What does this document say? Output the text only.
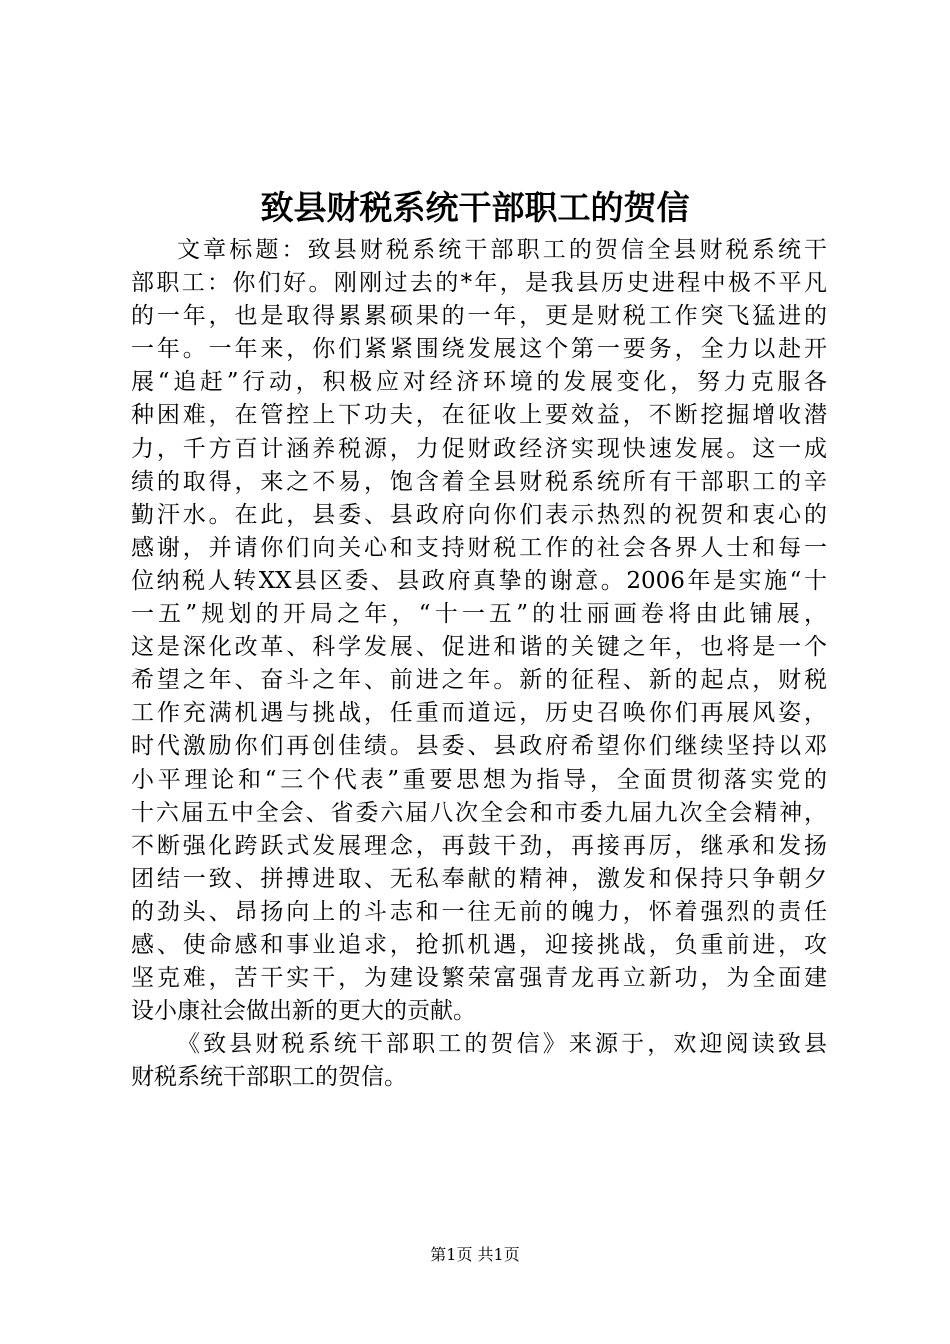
致县财税系统干部职工的贺信
文章标题：致县财税系统干部职工的贺信全县财税系统干
部职工：你们好。刚刚过去的*年，是我县历史进程中极不平凡
的一年，也是取得累累硕果的一年，更是财税工作突飞猛进的
一年。一年来，你们紧紧围绕发展这个第一要务，全力以赴开
展“追赶”行动，积极应对经济环境的发展变化，努力克服各
种困难，在管控上下功夫，在征收上要效益，不断挖掘增收潜
力，千方百计涵养税源，力促财政经济实现快速发展。这一成
绩的取得，来之不易，饱含着全县财税系统所有干部职工的辛
勤汗水。在此，县委、县政府向你们表示热烈的祝贺和衷心的
感谢，并请你们向关心和支持财税工作的社会各界人士和每一
位纳税人转XX县区委、县政府真挚的谢意。2006年是实施“十
一五”规划的开局之年，“十一五”的壮丽画卷将由此铺展，
这是深化改革、科学发展、促进和谐的关键之年，也将是一个
希望之年、奋斗之年、前进之年。新的征程、新的起点，财税
工作充满机遇与挑战，任重而道远，历史召唤你们再展风姿，
时代激励你们再创佳绩。县委、县政府希望你们继续坚持以邓
小平理论和“三个代表”重要思想为指导，全面贯彻落实党的
十六届五中全会、省委六届八次全会和市委九届九次全会精神，
不断强化跨跃式发展理念，再鼓干劲，再接再厉，继承和发扬
团结一致、拼搏进取、无私奉献的精神，激发和保持只争朝夕
的劲头、昂扬向上的斗志和一往无前的魄力，怀着强烈的责任
感、使命感和事业追求，抢抓机遇，迎接挑战，负重前进，攻
坚克难，苦干实干，为建设繁荣富强青龙再立新功，为全面建
设小康社会做出新的更大的贡献。
《致县财税系统干部职工的贺信》来源于，欢迎阅读致县
财税系统干部职工的贺信。
第1页 共1页
